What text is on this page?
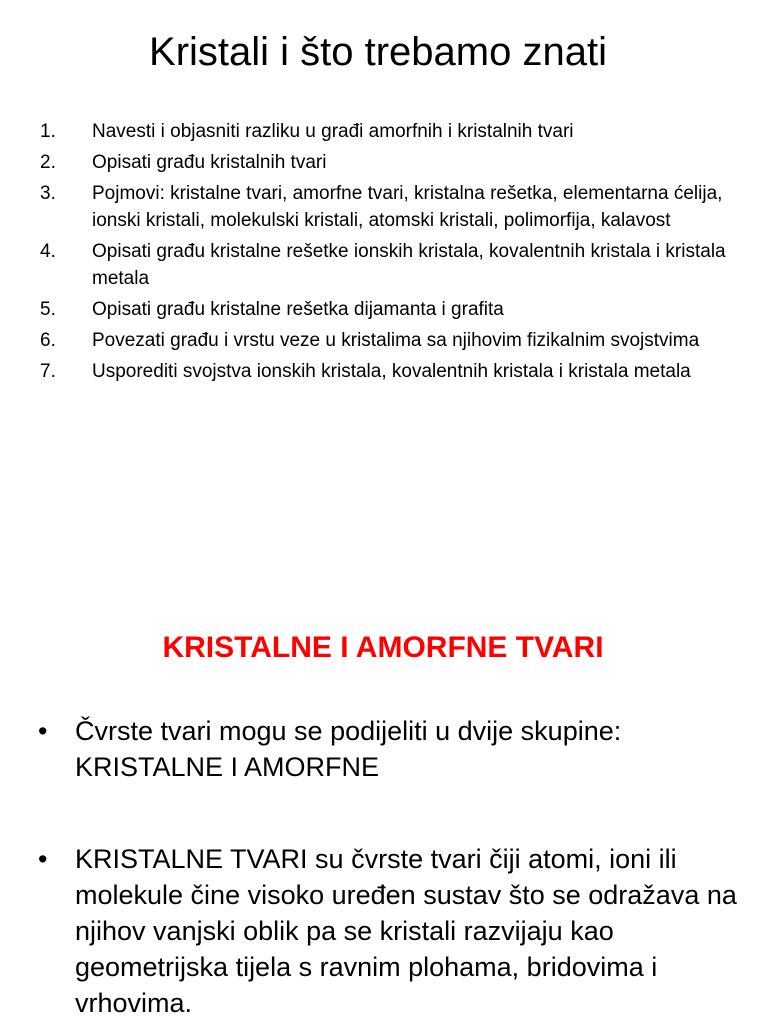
Kristali i što trebamo znati
1. Navesti i objasniti razliku u građi amorfnih i kristalnih tvari
2. Opisati građu kristalnih tvari
3. Pojmovi: kristalne tvari, amorfne tvari, kristalna rešetka, elementarna ćelija, ionski kristali, molekulski kristali, atomski kristali, polimorfija, kalavost
4. Opisati građu kristalne rešetke ionskih kristala, kovalentnih kristala i kristala metala
5. Opisati građu kristalne rešetka dijamanta i grafita
6. Povezati građu i vrstu veze u kristalima sa njihovim fizikalnim svojstvima
7. Usporediti svojstva ionskih kristala, kovalentnih kristala i kristala metala
KRISTALNE I AMORFNE TVARI
• Čvrste tvari mogu se podijeliti u dvije skupine: KRISTALNE I AMORFNE
• KRISTALNE TVARI su čvrste tvari čiji atomi, ioni ili molekule čine visoko uređen sustav što se odražava na njihov vanjski oblik pa se kristali razvijaju kao geometrijska tijela s ravnim plohama, bridovima i vrhovima.
